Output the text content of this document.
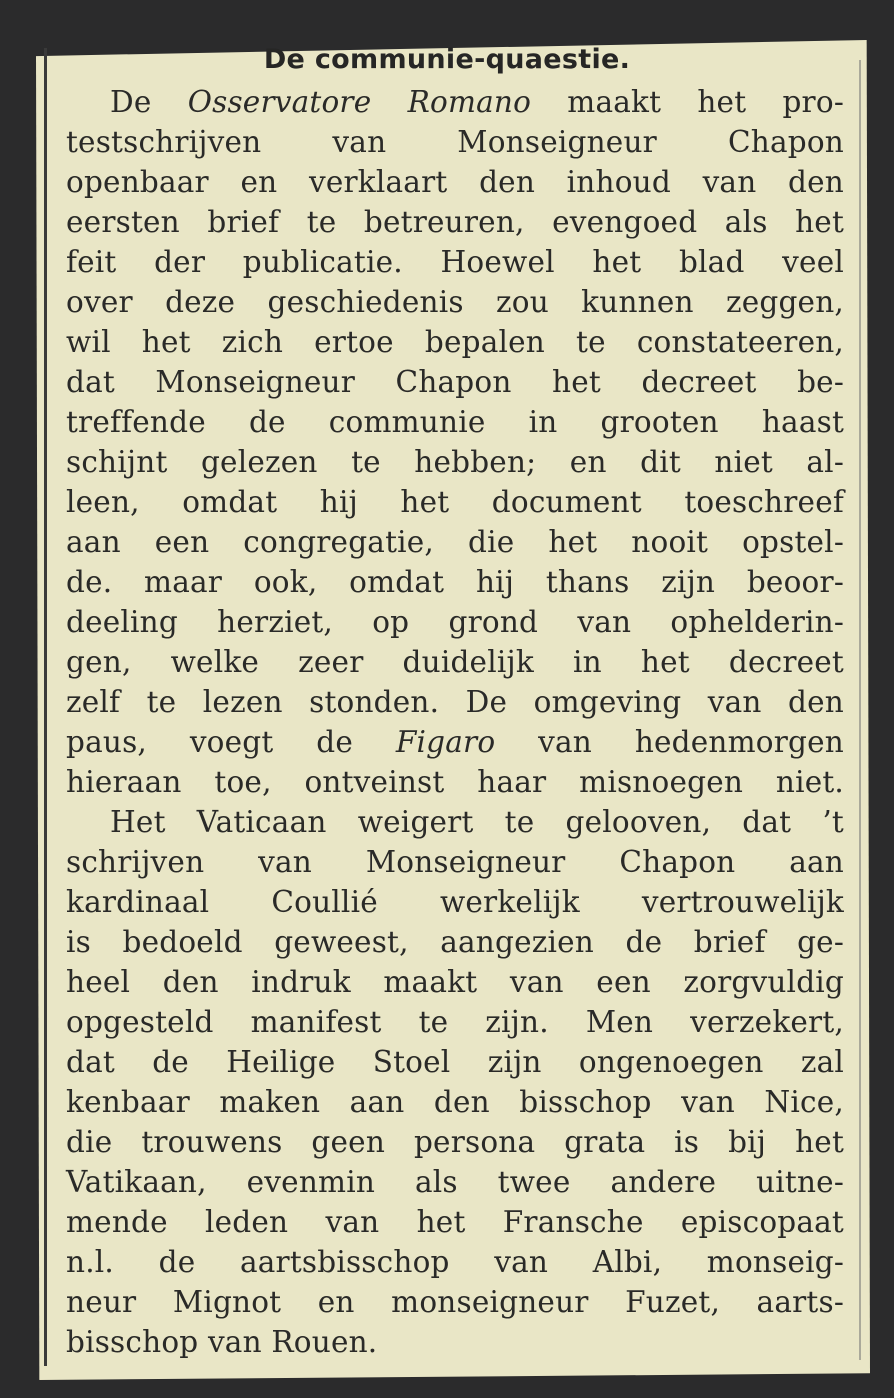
De communie-quaestie.
De Osservatore Romano maakt het pro-
testschrijven van Monseigneur Chapon
openbaar en verklaart den inhoud van den
eersten brief te betreuren, evengoed als het
feit der publicatie. Hoewel het blad veel
over deze geschiedenis zou kunnen zeggen,
wil het zich ertoe bepalen te constateeren,
dat Monseigneur Chapon het decreet be-
treffende de communie in grooten haast
schijnt gelezen te hebben; en dit niet al-
leen, omdat hij het document toeschreef
aan een congregatie, die het nooit opstel-
de. maar ook, omdat hij thans zijn beoor-
deeling herziet, op grond van ophelderin-
gen, welke zeer duidelijk in het decreet
zelf te lezen stonden. De omgeving van den
paus, voegt de Figaro van hedenmorgen
hieraan toe, ontveinst haar misnoegen niet.
Het Vaticaan weigert te gelooven, dat ’t
schrijven van Monseigneur Chapon aan
kardinaal Coullié werkelijk vertrouwelijk
is bedoeld geweest, aangezien de brief ge-
heel den indruk maakt van een zorgvuldig
opgesteld manifest te zijn. Men verzekert,
dat de Heilige Stoel zijn ongenoegen zal
kenbaar maken aan den bisschop van Nice,
die trouwens geen persona grata is bij het
Vatikaan, evenmin als twee andere uitne-
mende leden van het Fransche episcopaat
n.l. de aartsbisschop van Albi, monseig-
neur Mignot en monseigneur Fuzet, aarts-
bisschop van Rouen.
